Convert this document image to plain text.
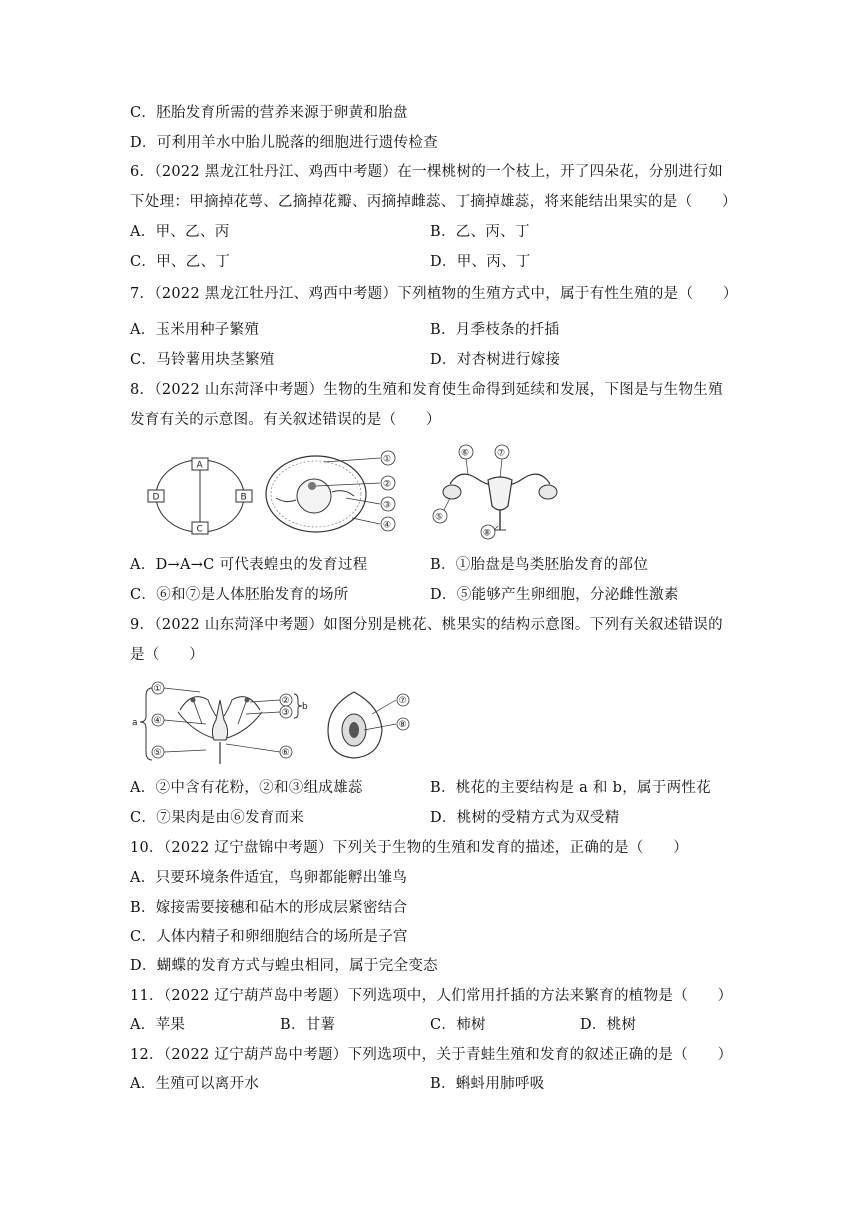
C．胚胎发育所需的营养来源于卵黄和胎盘
D．可利用羊水中胎儿脱落的细胞进行遗传检查
6．（2022 黑龙江牡丹江、鸡西中考题）在一棵桃树的一个枝上，开了四朵花，分别进行如
下处理：甲摘掉花萼、乙摘掉花瓣、丙摘掉雌蕊、丁摘掉雄蕊，将来能结出果实的是（　　）
A．甲、乙、丙	B．乙、丙、丁
C．甲、乙、丁	D．甲、丙、丁
7．（2022 黑龙江牡丹江、鸡西中考题）下列植物的生殖方式中，属于有性生殖的是（　　）
A．玉米用种子繁殖	B．月季枝条的扦插
C．马铃薯用块茎繁殖	D．对杏树进行嫁接
8．（2022 山东菏泽中考题）生物的生殖和发育使生命得到延续和发展，下图是与生物生殖
发育有关的示意图。有关叙述错误的是（　　）
A
B
C
D
①
②
③
④
⑥	⑦
⑤
⑧
A．D→A→C 可代表蝗虫的发育过程	B．①胎盘是鸟类胚胎发育的部位
C．⑥和⑦是人体胚胎发育的场所	D．⑤能够产生卵细胞，分泌雌性激素
9．（2022 山东菏泽中考题）如图分别是桃花、桃果实的结构示意图。下列有关叙述错误的
是（　　）
a
①
④
⑤
②
③
⑥
b
⑦
⑧
A．②中含有花粉，②和③组成雄蕊	B．桃花的主要结构是 a 和 b，属于两性花
C．⑦果肉是由⑥发育而来	D．桃树的受精方式为双受精
10．（2022 辽宁盘锦中考题）下列关于生物的生殖和发育的描述，正确的是（　　）
A．只要环境条件适宜，鸟卵都能孵出雏鸟
B．嫁接需要接穗和砧木的形成层紧密结合
C．人体内精子和卵细胞结合的场所是子宫
D．蝴蝶的发育方式与蝗虫相同，属于完全变态
11．（2022 辽宁葫芦岛中考题）下列选项中，人们常用扦插的方法来繁育的植物是（　　）
A．苹果	B．甘薯	C．柿树	D．桃树
12．（2022 辽宁葫芦岛中考题）下列选项中，关于青蛙生殖和发育的叙述正确的是（　　）
A．生殖可以离开水	B．蝌蚪用肺呼吸
